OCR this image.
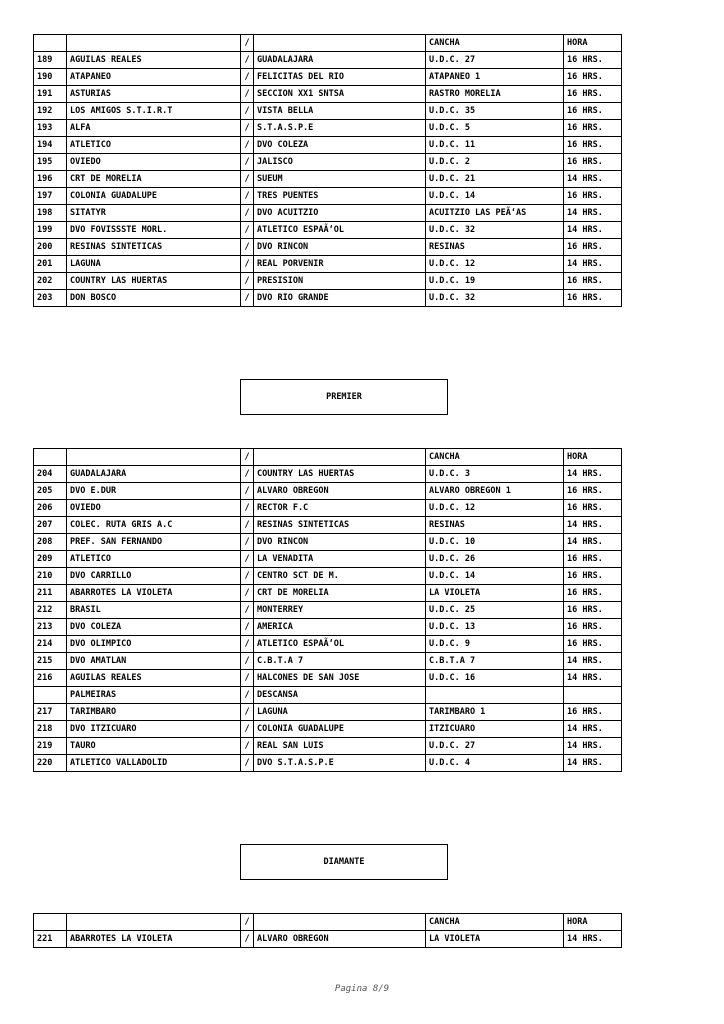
		/		CANCHA	HORA
189	AGUILAS REALES	/	GUADALAJARA	U.D.C. 27	16 HRS.
190	ATAPANEO	/	FELICITAS DEL RIO	ATAPANEO 1	16 HRS.
191	ASTURIAS	/	SECCION XX1 SNTSA	RASTRO MORELIA	16 HRS.
192	LOS AMIGOS S.T.I.R.T	/	VISTA BELLA	U.D.C. 35	16 HRS.
193	ALFA	/	S.T.A.S.P.E	U.D.C. 5	16 HRS.
194	ATLETICO	/	DVO COLEZA	U.D.C. 11	16 HRS.
195	OVIEDO	/	JALISCO	U.D.C. 2	16 HRS.
196	CRT DE MORELIA	/	SUEUM	U.D.C. 21	14 HRS.
197	COLONIA GUADALUPE	/	TRES PUENTES	U.D.C. 14	16 HRS.
198	SITATYR	/	DVO ACUITZIO	ACUITZIO LAS PEÃ‘AS	14 HRS.
199	DVO FOVISSSTE MORL.	/	ATLETICO ESPAÃ‘OL	U.D.C. 32	14 HRS.
200	RESINAS SINTETICAS	/	DVO RINCON	RESINAS	16 HRS.
201	LAGUNA	/	REAL PORVENIR	U.D.C. 12	14 HRS.
202	COUNTRY LAS HUERTAS	/	PRESISION	U.D.C. 19	16 HRS.
203	DON BOSCO	/	DVO RIO GRANDE	U.D.C. 32	16 HRS.
PREMIER
		/		CANCHA	HORA
204	GUADALAJARA	/	COUNTRY LAS HUERTAS	U.D.C. 3	14 HRS.
205	DVO E.DUR	/	ALVARO OBREGON	ALVARO OBREGON 1	16 HRS.
206	OVIEDO	/	RECTOR F.C	U.D.C. 12	16 HRS.
207	COLEC. RUTA GRIS A.C	/	RESINAS SINTETICAS	RESINAS	14 HRS.
208	PREF. SAN FERNANDO	/	DVO RINCON	U.D.C. 10	14 HRS.
209	ATLETICO	/	LA VENADITA	U.D.C. 26	16 HRS.
210	DVO CARRILLO	/	CENTRO SCT DE M.	U.D.C. 14	16 HRS.
211	ABARROTES LA VIOLETA	/	CRT DE MORELIA	LA VIOLETA	16 HRS.
212	BRASIL	/	MONTERREY	U.D.C. 25	16 HRS.
213	DVO COLEZA	/	AMERICA	U.D.C. 13	16 HRS.
214	DVO OLIMPICO	/	ATLETICO ESPAÃ‘OL	U.D.C. 9	16 HRS.
215	DVO AMATLAN	/	C.B.T.A 7	C.B.T.A 7	14 HRS.
216	AGUILAS REALES	/	HALCONES DE SAN JOSE	U.D.C. 16	14 HRS.
	PALMEIRAS	/	DESCANSA		
217	TARIMBARO	/	LAGUNA	TARIMBARO 1	16 HRS.
218	DVO ITZICUARO	/	COLONIA GUADALUPE	ITZICUARO	14 HRS.
219	TAURO	/	REAL SAN LUIS	U.D.C. 27	14 HRS.
220	ATLETICO VALLADOLID	/	DVO S.T.A.S.P.E	U.D.C. 4	14 HRS.
DIAMANTE
		/		CANCHA	HORA
221	ABARROTES LA VIOLETA	/	ALVARO OBREGON	LA VIOLETA	14 HRS.
Pagina 8/9
